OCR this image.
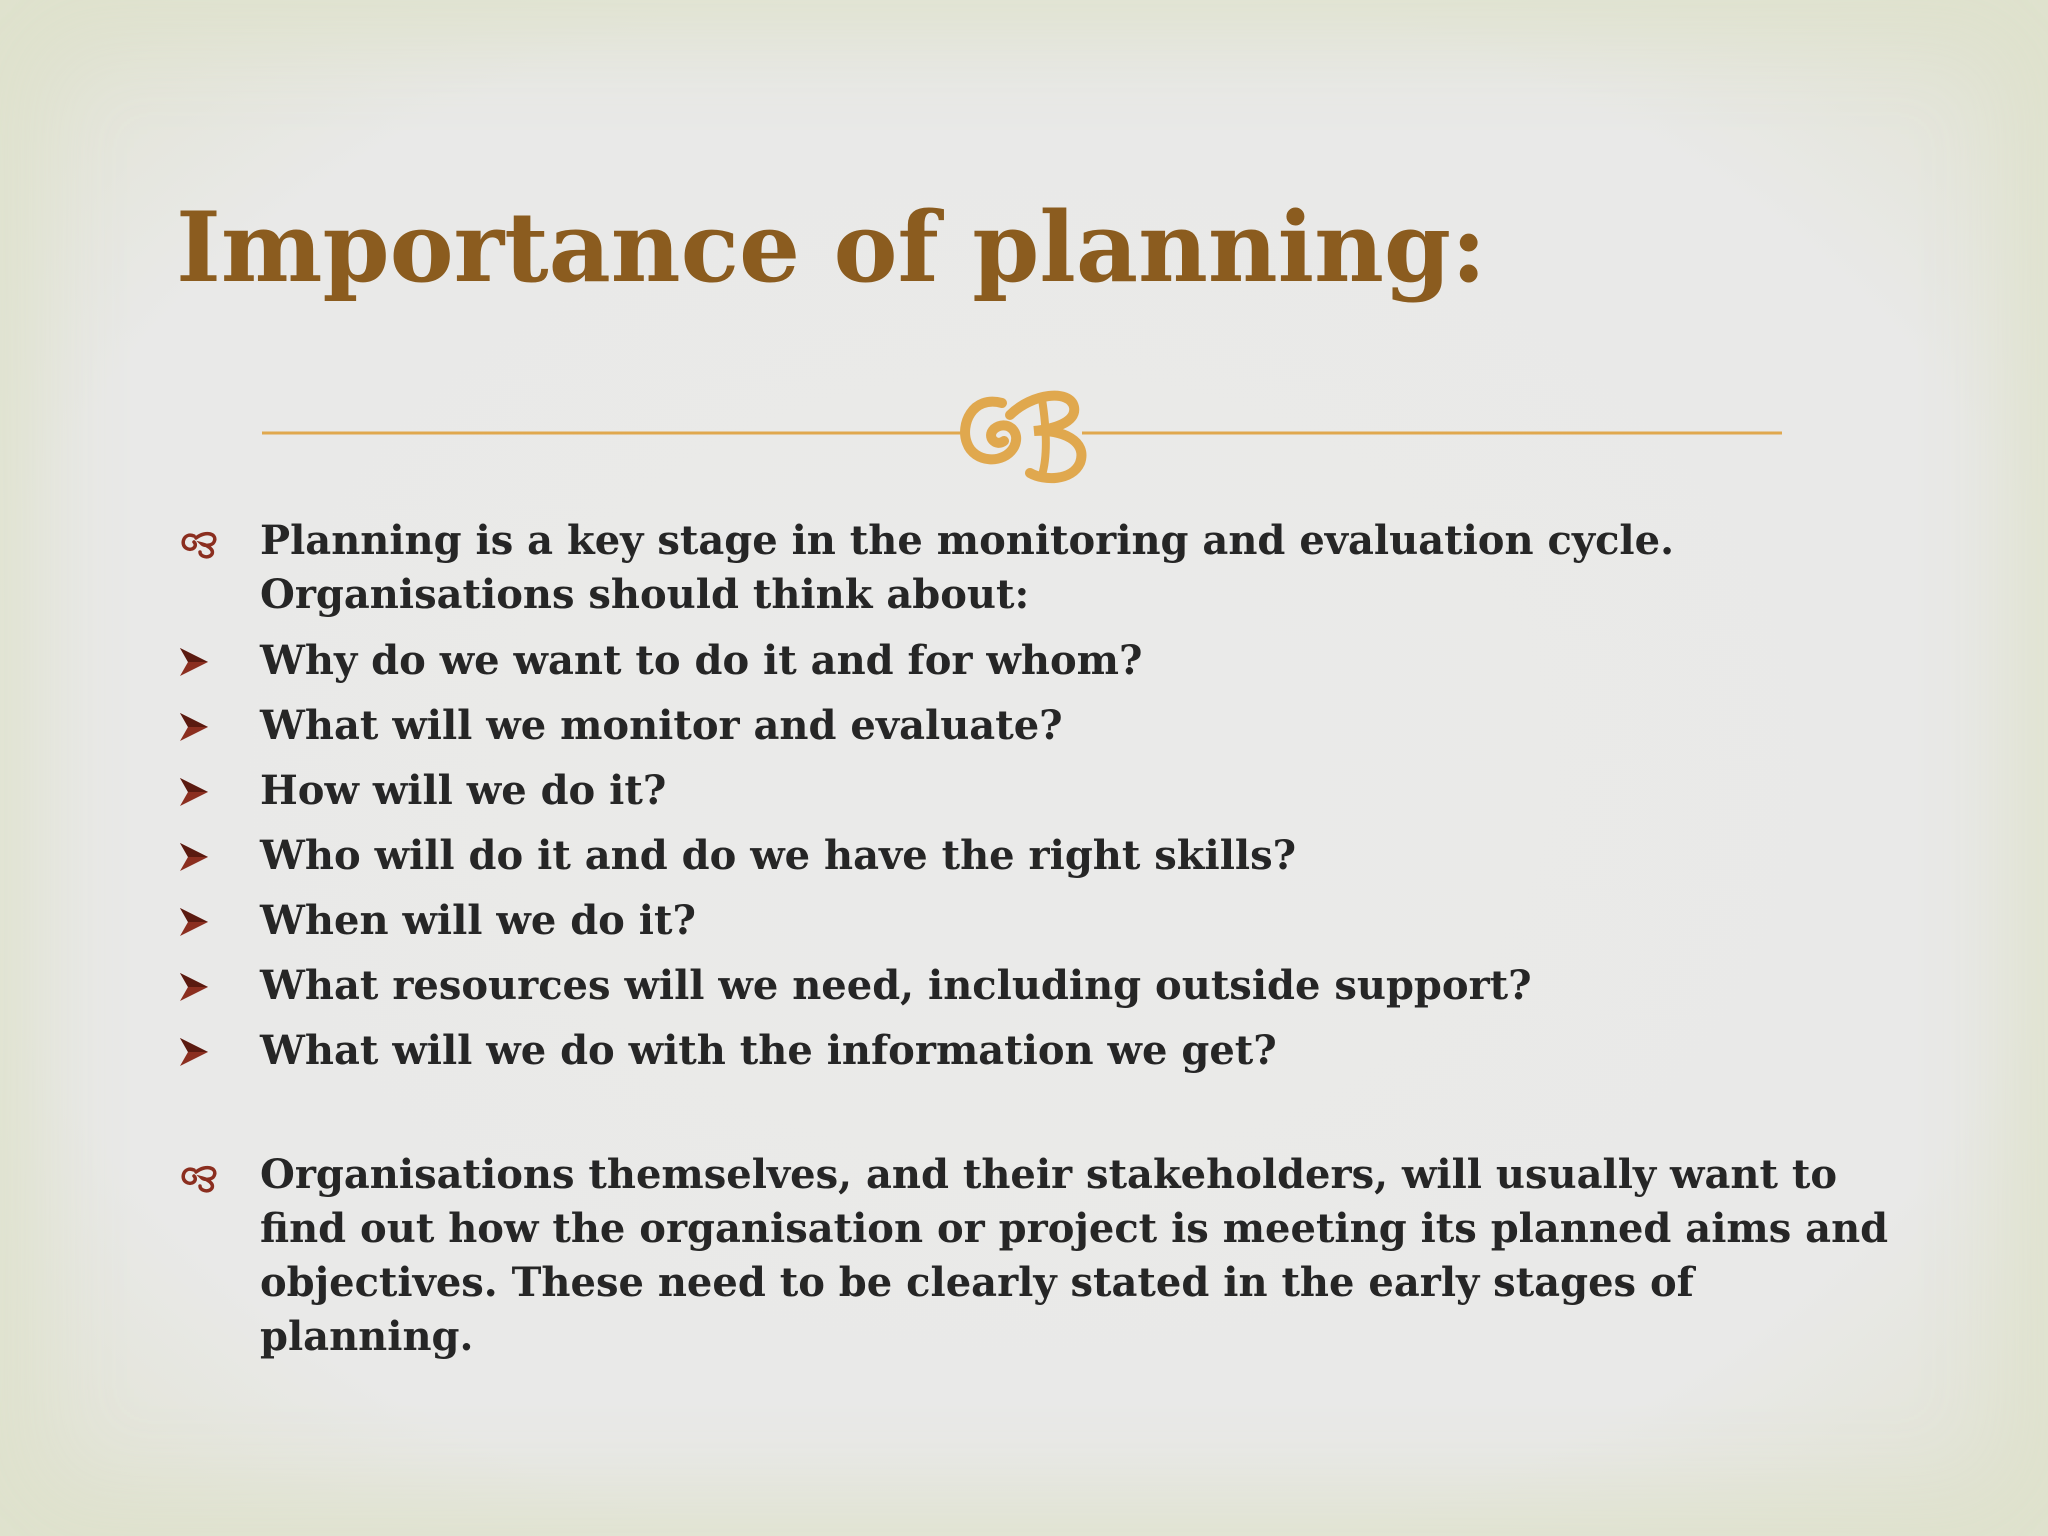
Importance of planning:
Planning is a key stage in the monitoring and evaluation cycle. Organisations should think about:
Why do we want to do it and for whom?
What will we monitor and evaluate?
How will we do it?
Who will do it and do we have the right skills?
When will we do it?
What resources will we need, including outside support?
What will we do with the information we get?
Organisations themselves, and their stakeholders, will usually want to find out how the organisation or project is meeting its planned aims and objectives. These need to be clearly stated in the early stages of planning.
